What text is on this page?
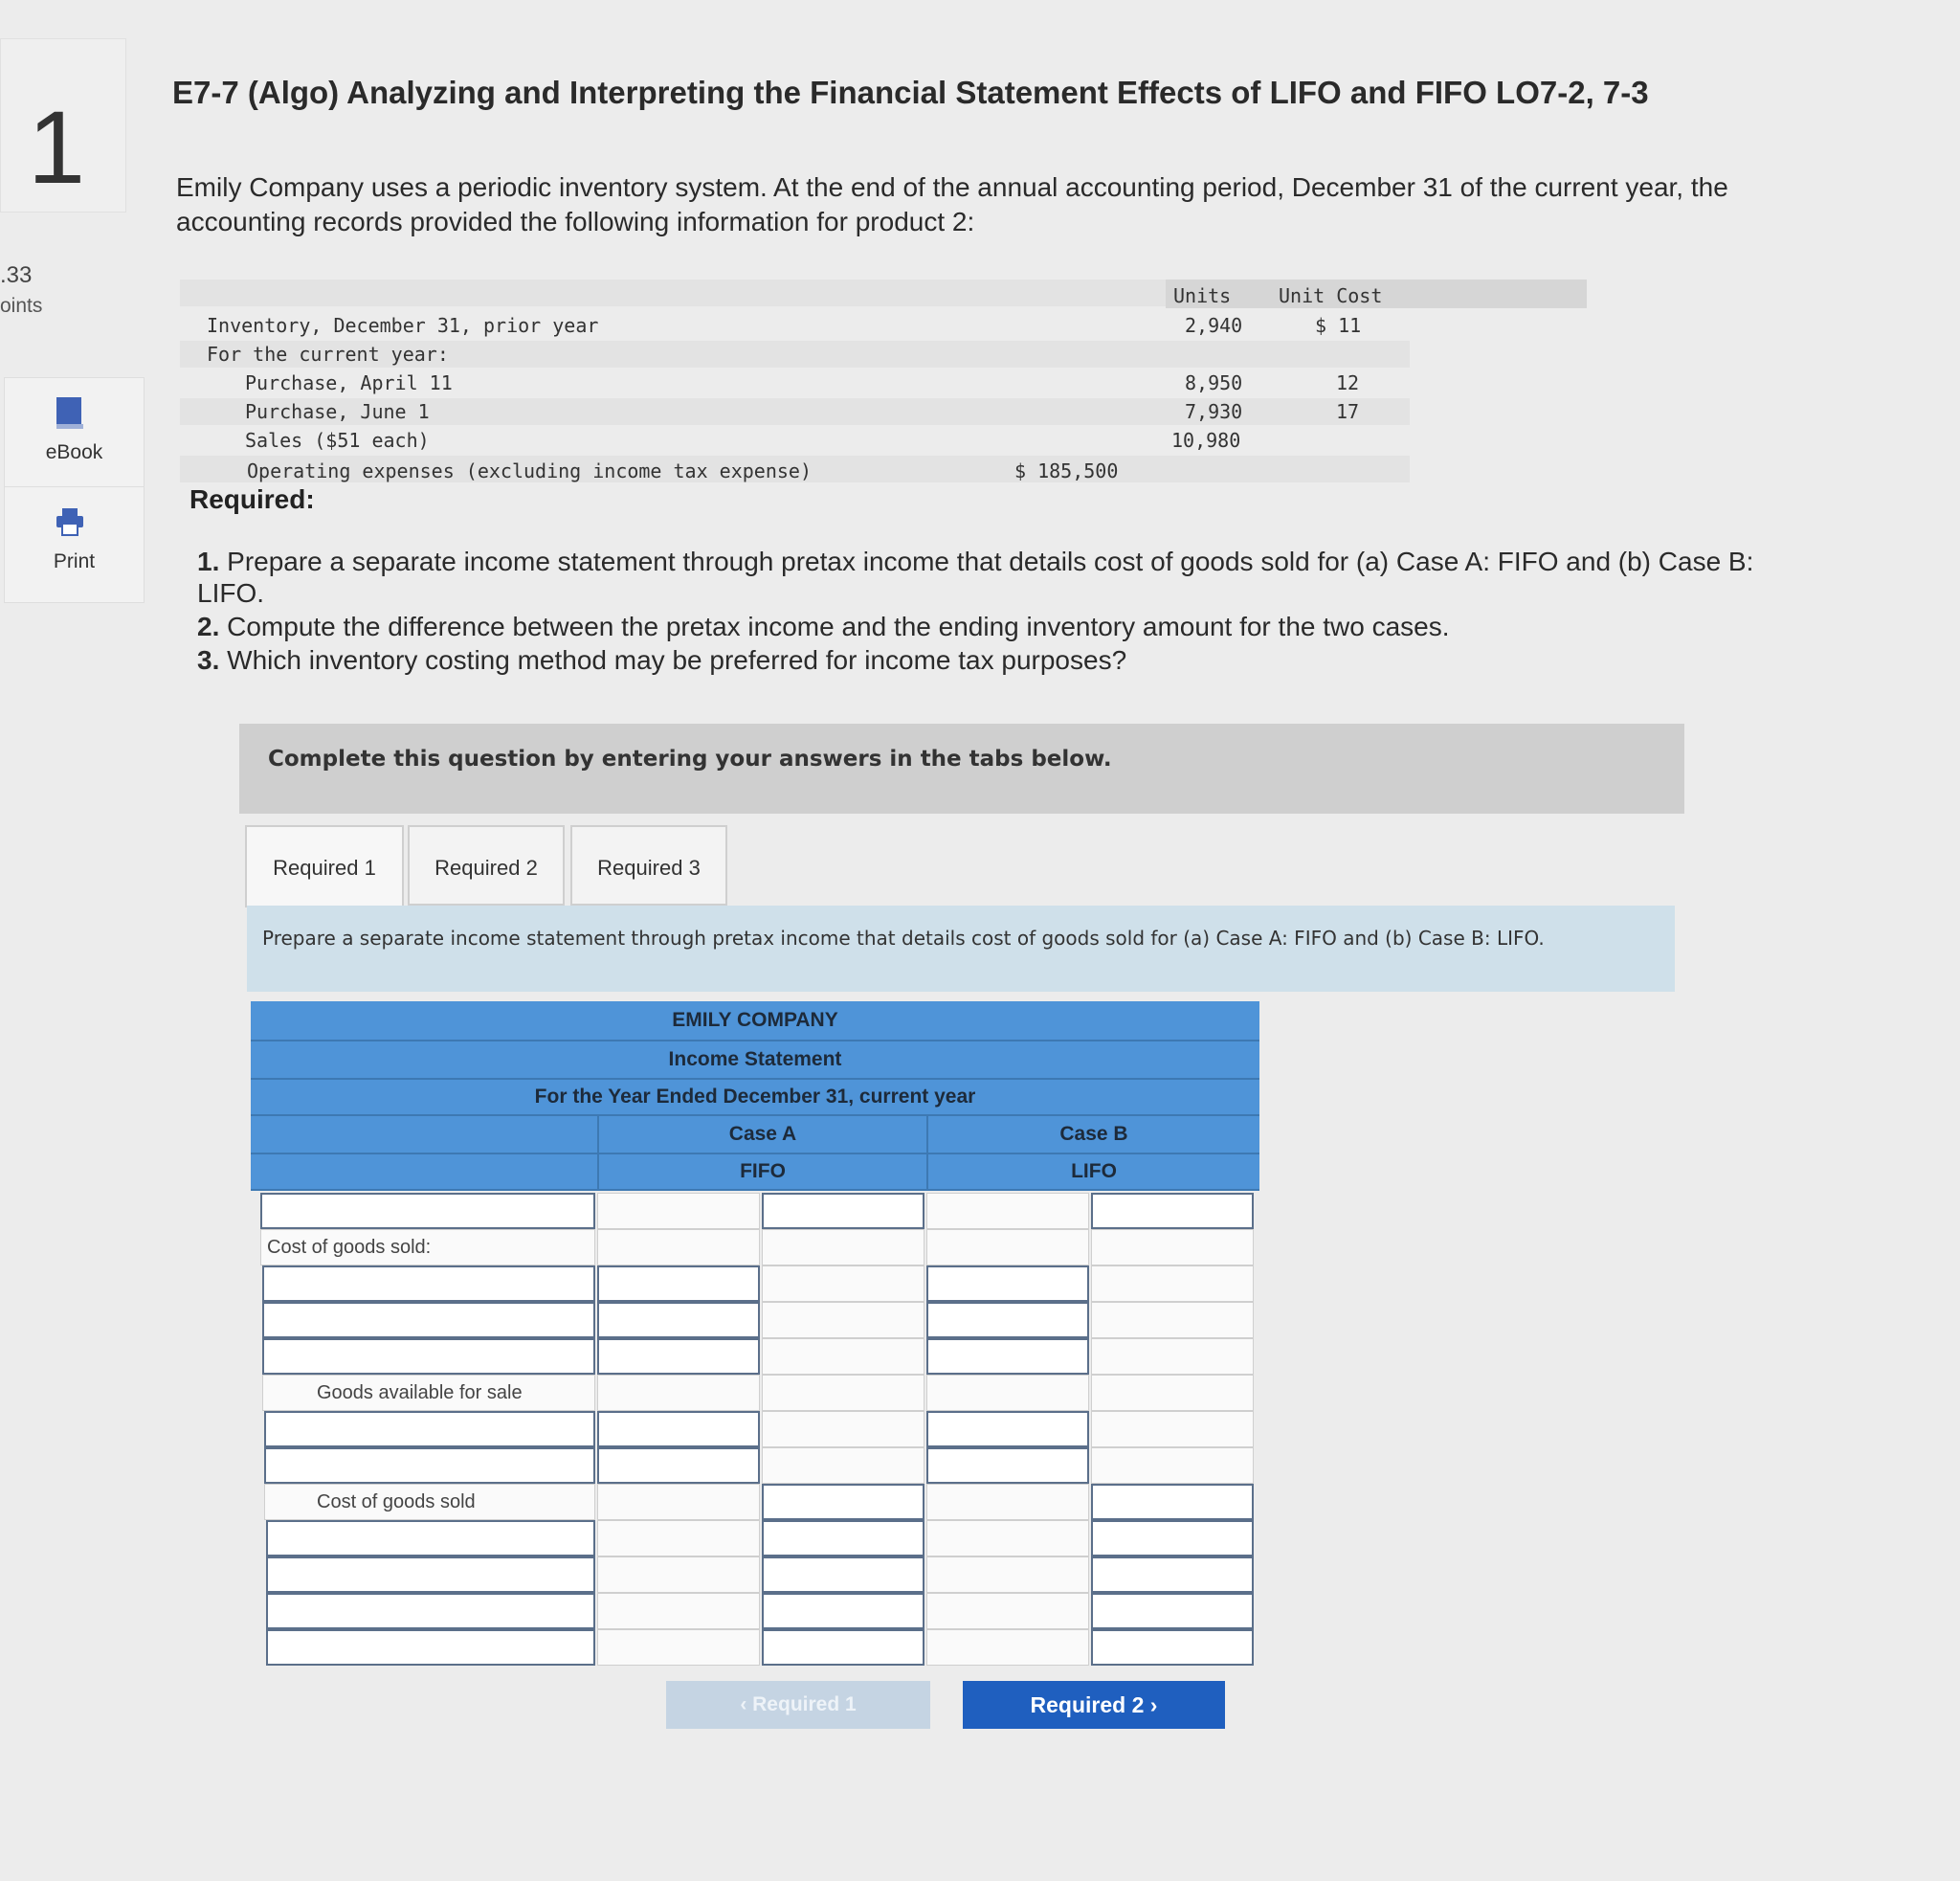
1
.33
oints
eBook
Print
E7-7 (Algo) Analyzing and Interpreting the Financial Statement Effects of LIFO and FIFO LO7-2, 7-3
Emily Company uses a periodic inventory system. At the end of the annual accounting period, December 31 of the current year, the accounting records provided the following information for product 2:
Units Unit Cost
Inventory, December 31, prior year	2,940	$ 11
For the current year:
Purchase, April 11	8,950	12
Purchase, June 1	7,930	17
Sales ($51 each)	10,980
Operating expenses (excluding income tax expense)	$ 185,500
Required:
1. Prepare a separate income statement through pretax income that details cost of goods sold for (a) Case A: FIFO and (b) Case B: LIFO.
2. Compute the difference between the pretax income and the ending inventory amount for the two cases.
3. Which inventory costing method may be preferred for income tax purposes?
Complete this question by entering your answers in the tabs below.
Required 1	Required 2	Required 3
Prepare a separate income statement through pretax income that details cost of goods sold for (a) Case A: FIFO and (b) Case B: LIFO.
EMILY COMPANY
Income Statement
For the Year Ended December 31, current year
Case A	Case B
FIFO	LIFO
Cost of goods sold:
Goods available for sale
Cost of goods sold
‹ Required 1	Required 2 ›
